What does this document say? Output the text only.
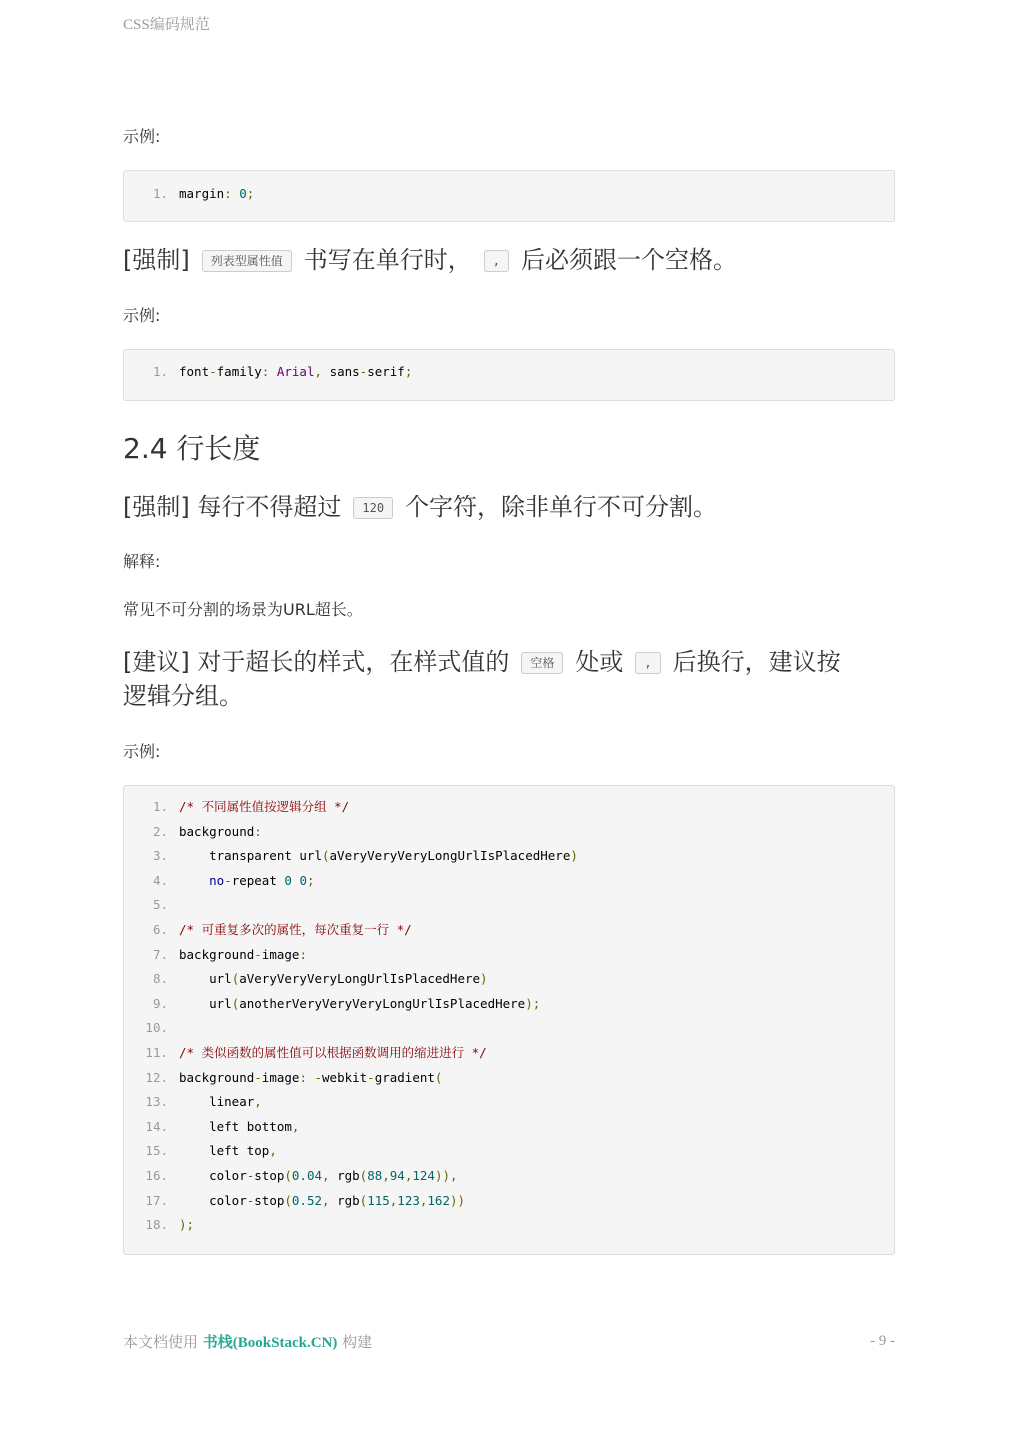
CSS编码规范
示例:
1. margin: 0;
[强制] 列表型属性值 书写在单行时， , 后必须跟一个空格。
示例:
1. font-family: Arial, sans-serif;
2.4 行长度
[强制] 每行不得超过 120 个字符，除非单行不可分割。
解释:
常见不可分割的场景为URL超长。
[建议] 对于超长的样式，在样式值的 空格 处或 , 后换行，建议按
逻辑分组。
示例:
1. /* 不同属性值按逻辑分组 */
2. background:
3. transparent url(aVeryVeryVeryLongUrlIsPlacedHere)
4.	no-repeat 0 0;
5.
6. /* 可重复多次的属性，每次重复一行 */
7. background-image:
8. url(aVeryVeryVeryLongUrlIsPlacedHere)
9. url(anotherVeryVeryVeryLongUrlIsPlacedHere);
10.
11. /* 类似函数的属性值可以根据函数调用的缩进进行 */
12. background-image: -webkit-gradient(
13. linear,
14. left bottom,
15. left top,
16. color-stop(0.04, rgb(88,94,124)),
17. color-stop(0.52, rgb(115,123,162))
18. );
本文档使用 书栈(BookStack.CN) 构建	- 9 -
